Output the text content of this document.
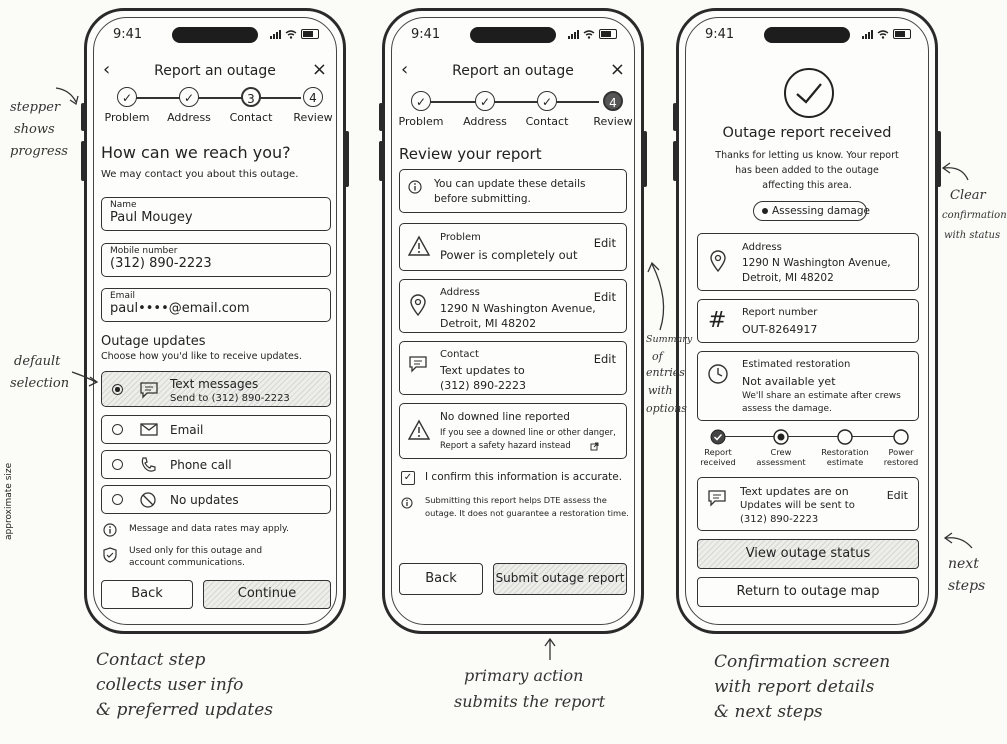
9:41
‹	Report an outage	×
✓
Problem
✓
Address
3
Contact
4
Review
How can we reach you?
We may contact you about this outage.
Name
Paul Mougey
Mobile number
(312) 890-2223
Email
paul••••@email.com
Outage updates
Choose how you'd like to receive updates.
Text messages
Send to (312) 890-2223
Email
Phone call
No updates
Message and data rates may apply.
Used only for this outage and
account communications.
Back	Continue
9:41
‹	Report an outage	×
✓
Problem
✓
Address
✓
Contact
4
Review
Review your report
You can update these details
before submitting.
Problem
Power is completely out
Edit
Address
1290 N Washington Avenue,
Detroit, MI 48202
Edit
Contact
Text updates to
(312) 890-2223
Edit
No downed line reported
If you see a downed line or other danger,
Report a safety hazard instead
✓ I confirm this information is accurate.
Submitting this report helps DTE assess the
outage. It does not guarantee a restoration time.
Back	Submit outage report
9:41
Outage report received
Thanks for letting us know. Your report
has been added to the outage
affecting this area.
Assessing damage
Address
1290 N Washington Avenue,
Detroit, MI 48202
# Report number
OUT-8264917
Estimated restoration
Not available yet
We'll share an estimate after crews
assess the damage.
Report
received
Crew
assessment
Restoration
estimate
Power
restored
Text updates are on
Updates will be sent to
(312) 890-2223
Edit
View outage status
Return to outage map
stepper
shows
progress
default
selection
approximate size
Summary
of
entries
with
options
Clear
confirmation
with status
next
steps
Contact step
collects user info
& preferred updates
primary action
submits the report
Confirmation screen
with report details
& next steps
